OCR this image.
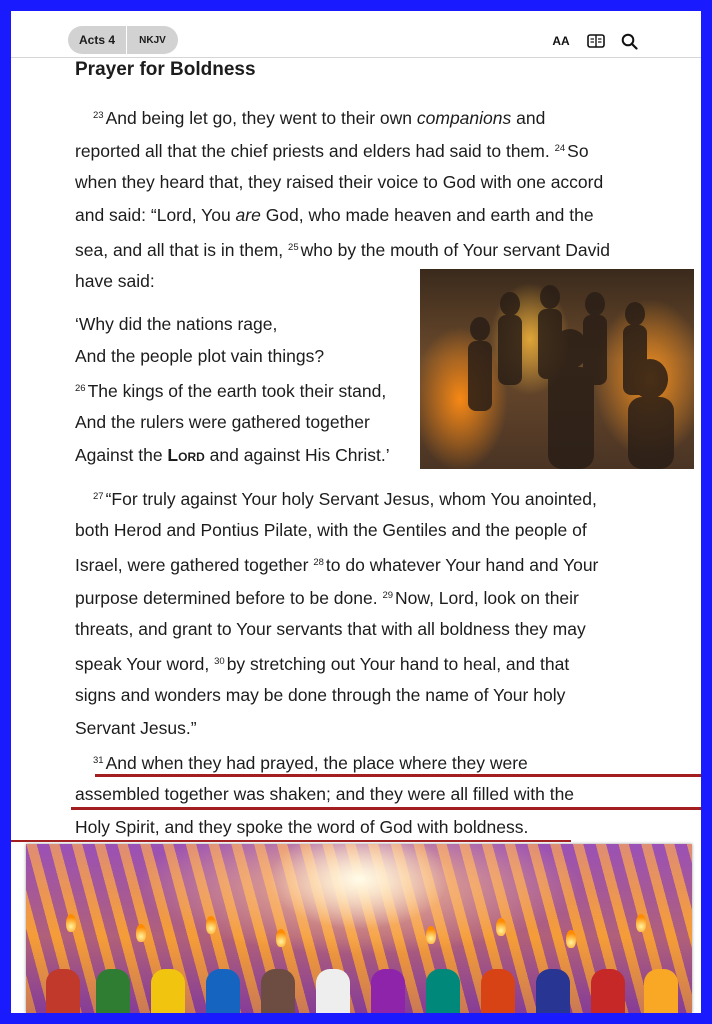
Acts 4	NKJV	AA
Prayer for Boldness

$^{23}$ And being let go, they went to their own companions and

reported all that the chief priests and elders had said to them. $^{24}$ So

when they heard that, they raised their voice to God with one accord

and said: “Lord, You are God, who made heaven and earth and the

sea, and all that is in them, $^{25}$ who by the mouth of Your servant David

have said:

‘Why did the nations rage,

And the people plot vain things?

$^{26}$ The kings of the earth took their stand,

And the rulers were gathered together

Against the Lord and against His Christ.’

$^{27}$ “For truly against Your holy Servant Jesus, whom You anointed,

both Herod and Pontius Pilate, with the Gentiles and the people of

Israel, were gathered together $^{28}$ to do whatever Your hand and Your

purpose determined before to be done. $^{29}$ Now, Lord, look on their

threats, and grant to Your servants that with all boldness they may

speak Your word, $^{30}$ by stretching out Your hand to heal, and that

signs and wonders may be done through the name of Your holy

Servant Jesus.”

$^{31}$ And when they had prayed, the place where they were

assembled together was shaken; and they were all filled with the

Holy Spirit, and they spoke the word of God with boldness.
